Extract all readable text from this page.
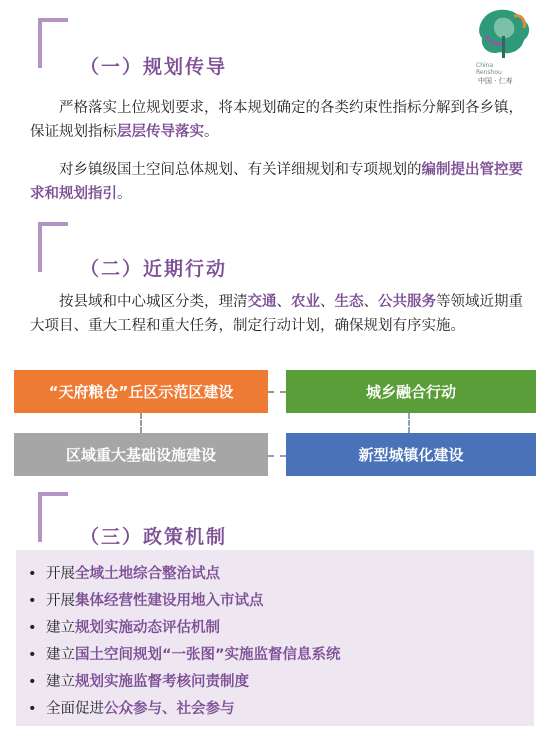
China
Renshou
中国 · 仁寿
（一）规划传导
严格落实上位规划要求，将本规划确定的各类约束性指标分解到各乡镇，保证规划指标层层传导落实。
对乡镇级国土空间总体规划、有关详细规划和专项规划的编制提出管控要求和规划指引。
（二）近期行动
按县域和中心城区分类，理清交通、农业、生态、公共服务等领域近期重大项目、重大工程和重大任务，制定行动计划，确保规划有序实施。
“天府粮仓”丘区示范区建设	城乡融合行动
区域重大基础设施建设	新型城镇化建设
（三）政策机制
• 开展全域土地综合整治试点
• 开展集体经营性建设用地入市试点
• 建立规划实施动态评估机制
• 建立国土空间规划“一张图”实施监督信息系统
• 建立规划实施监督考核问责制度
• 全面促进公众参与、社会参与
